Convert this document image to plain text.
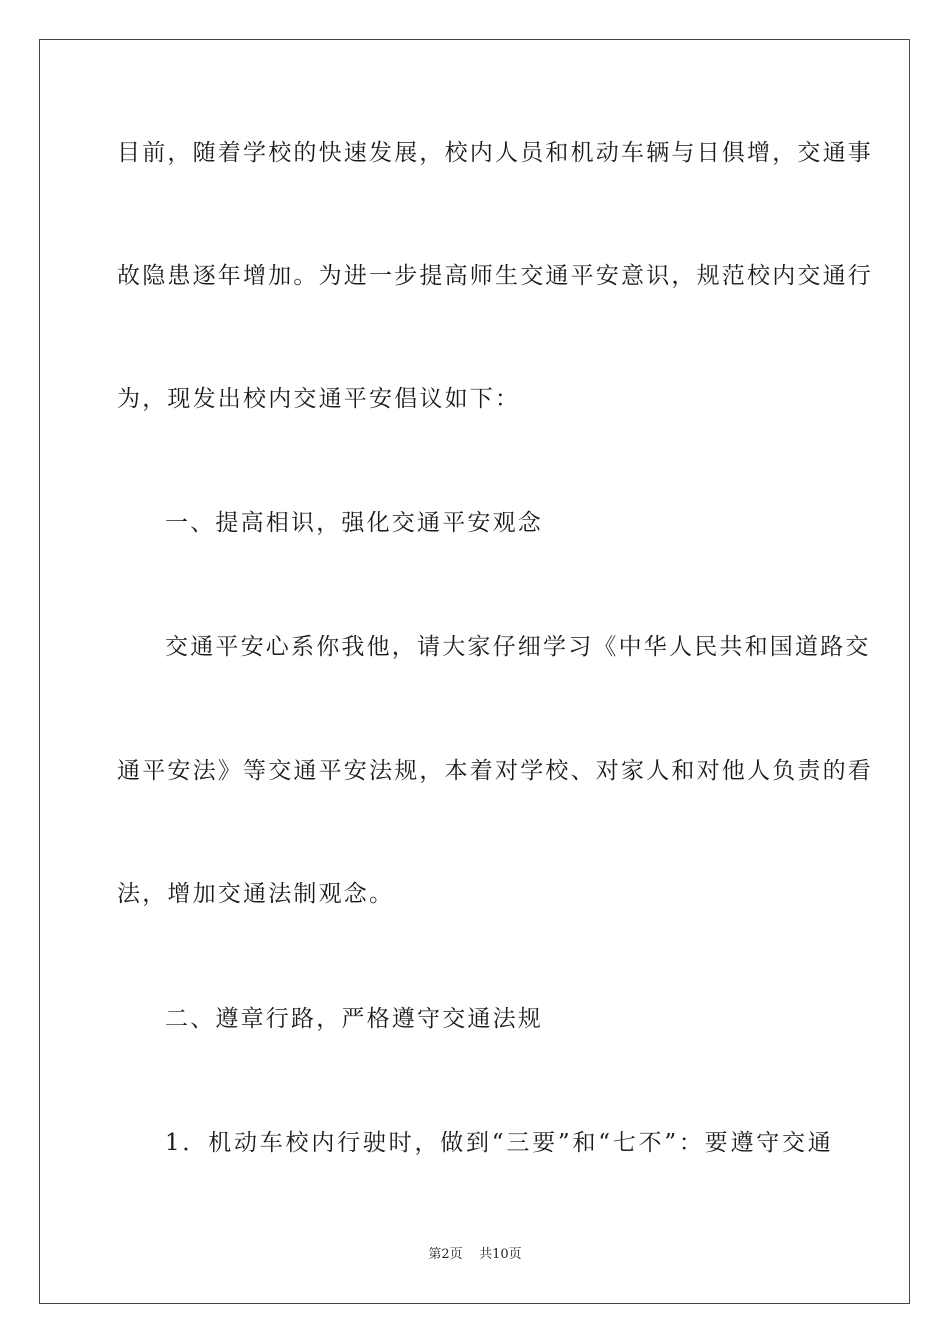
目前，随着学校的快速发展，校内人员和机动车辆与日俱增，交通事
故隐患逐年增加。为进一步提高师生交通平安意识，规范校内交通行
为，现发出校内交通平安倡议如下：
一、提高相识，强化交通平安观念
交通平安心系你我他，请大家仔细学习《中华人民共和国道路交
通平安法》等交通平安法规，本着对学校、对家人和对他人负责的看
法，增加交通法制观念。
二、遵章行路，严格遵守交通法规
1．机动车校内行驶时，做到“三要”和“七不”：要遵守交通
第2页 共10页
